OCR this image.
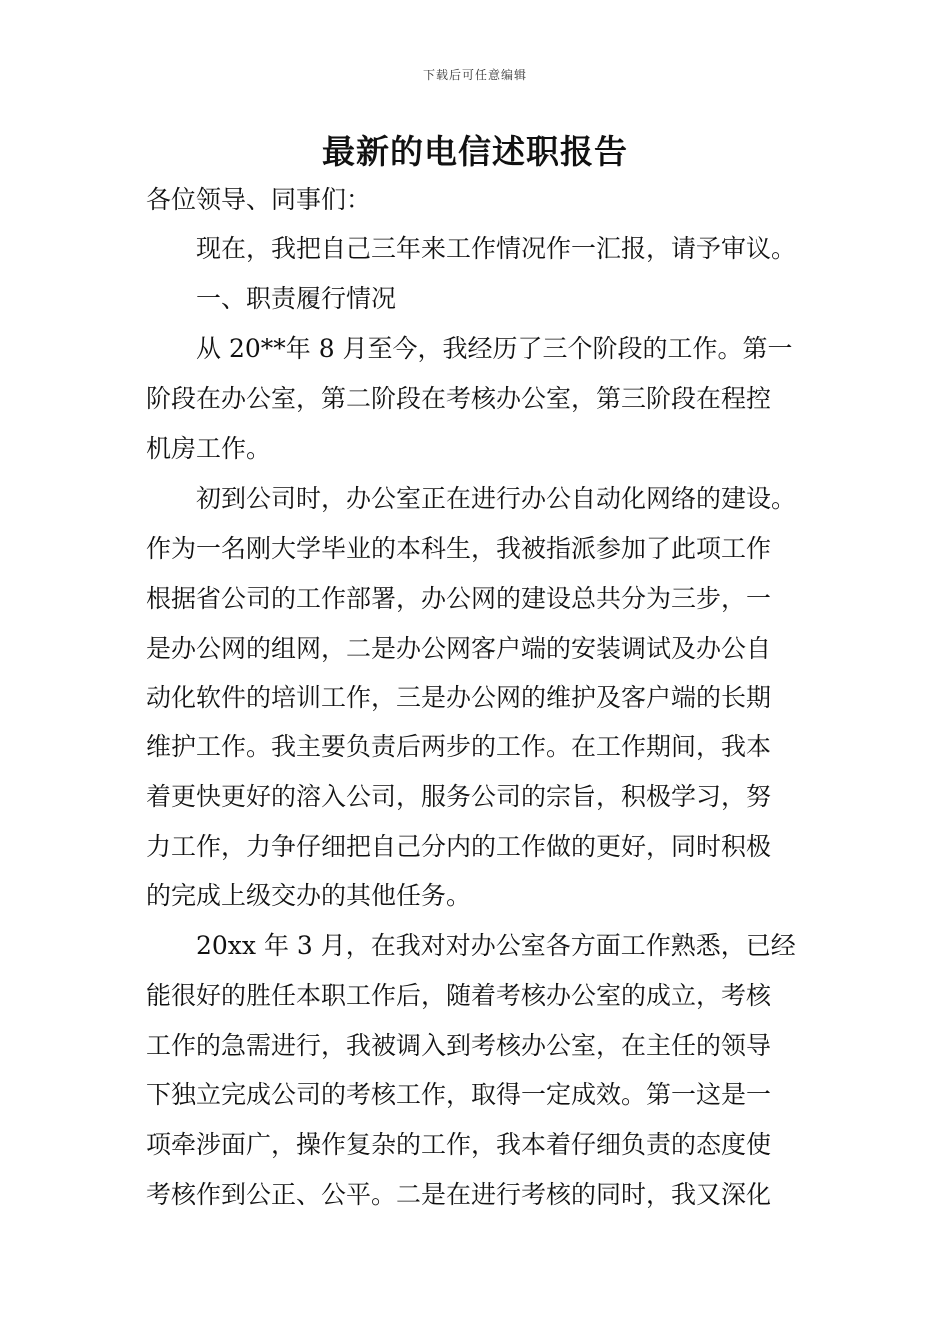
下载后可任意编辑
最新的电信述职报告
各位领导、同事们：
现在，我把自己三年来工作情况作一汇报，请予审议。
一、职责履行情况
从 20**年 8 月至今，我经历了三个阶段的工作。第一
阶段在办公室，第二阶段在考核办公室，第三阶段在程控
机房工作。
初到公司时，办公室正在进行办公自动化网络的建设。
作为一名刚大学毕业的本科生，我被指派参加了此项工作
根据省公司的工作部署，办公网的建设总共分为三步，一
是办公网的组网，二是办公网客户端的安装调试及办公自
动化软件的培训工作，三是办公网的维护及客户端的长期
维护工作。我主要负责后两步的工作。在工作期间，我本
着更快更好的溶入公司，服务公司的宗旨，积极学习，努
力工作，力争仔细把自己分内的工作做的更好，同时积极
的完成上级交办的其他任务。
20xx 年 3 月，在我对对办公室各方面工作熟悉，已经
能很好的胜任本职工作后，随着考核办公室的成立，考核
工作的急需进行，我被调入到考核办公室，在主任的领导
下独立完成公司的考核工作，取得一定成效。第一这是一
项牵涉面广，操作复杂的工作，我本着仔细负责的态度使
考核作到公正、公平。二是在进行考核的同时，我又深化
